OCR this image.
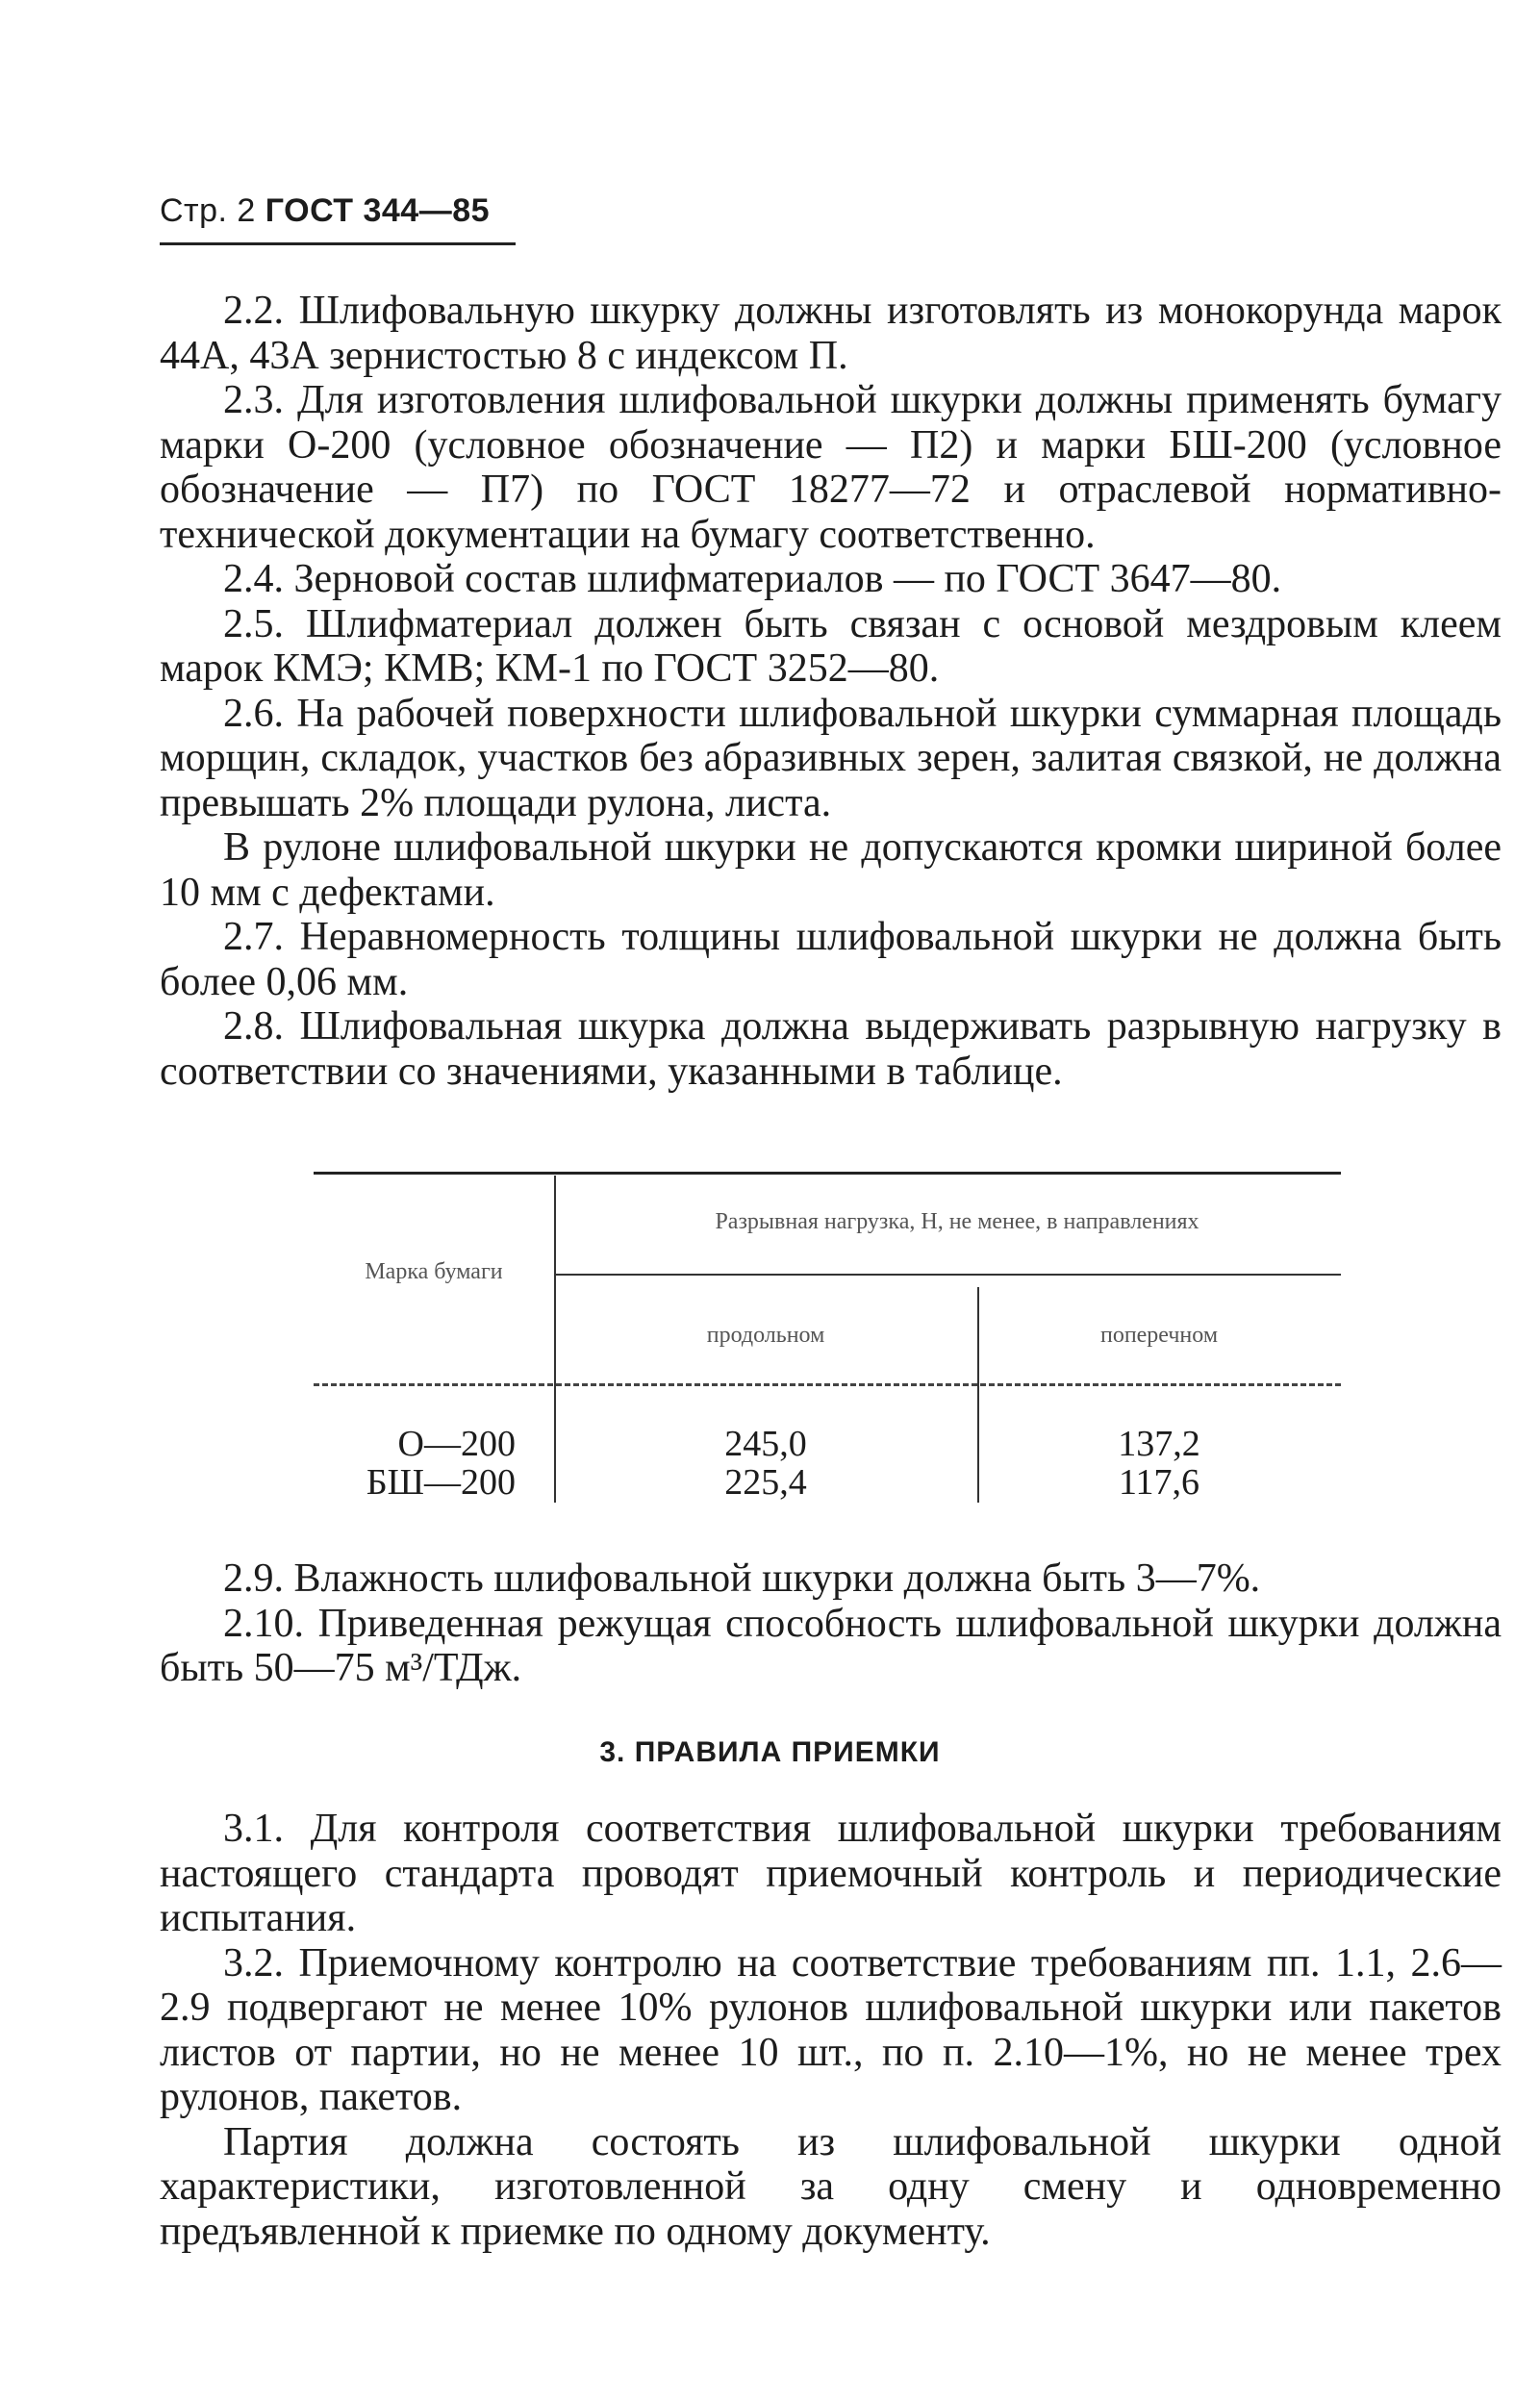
Стр. 2 ГОСТ 344—85

2.2. Шлифовальную шкурку должны изготовлять из монокорунда марок 44А, 43А зернистостью 8 с индексом П.

2.3. Для изготовления шлифовальной шкурки должны применять бумагу марки О-200 (условное обозначение — П2) и марки БШ-200 (условное обозначение — П7) по ГОСТ 18277—72 и отраслевой нормативно-технической документации на бумагу соответственно.

2.4. Зерновой состав шлифматериалов — по ГОСТ 3647—80.

2.5. Шлифматериал должен быть связан с основой мездровым клеем марок КМЭ; КМВ; КМ-1 по ГОСТ 3252—80.

2.6. На рабочей поверхности шлифовальной шкурки суммарная площадь морщин, складок, участков без абразивных зерен, залитая связкой, не должна превышать 2% площади рулона, листа.

В рулоне шлифовальной шкурки не допускаются кромки шириной более 10 мм с дефектами.

2.7. Неравномерность толщины шлифовальной шкурки не должна быть более 0,06 мм.

2.8. Шлифовальная шкурка должна выдерживать разрывную нагрузку в соответствии со значениями, указанными в таблице.

Марка бумаги
Разрывная нагрузка, Н, не менее, в направлениях
продольном	поперечном
О—200	245,0	137,2
БШ—200	225,4	117,6

2.9. Влажность шлифовальной шкурки должна быть 3—7%.

2.10. Приведенная режущая способность шлифовальной шкурки должна быть 50—75 м³/ТДж.

3. ПРАВИЛА ПРИЕМКИ

3.1. Для контроля соответствия шлифовальной шкурки требованиям настоящего стандарта проводят приемочный контроль и периодические испытания.

3.2. Приемочному контролю на соответствие требованиям пп. 1.1, 2.6—2.9 подвергают не менее 10% рулонов шлифовальной шкурки или пакетов листов от партии, но не менее 10 шт., по п. 2.10—1%, но не менее трех рулонов, пакетов.

Партия должна состоять из шлифовальной шкурки одной характеристики, изготовленной за одну смену и одновременно предъявленной к приемке по одному документу.
